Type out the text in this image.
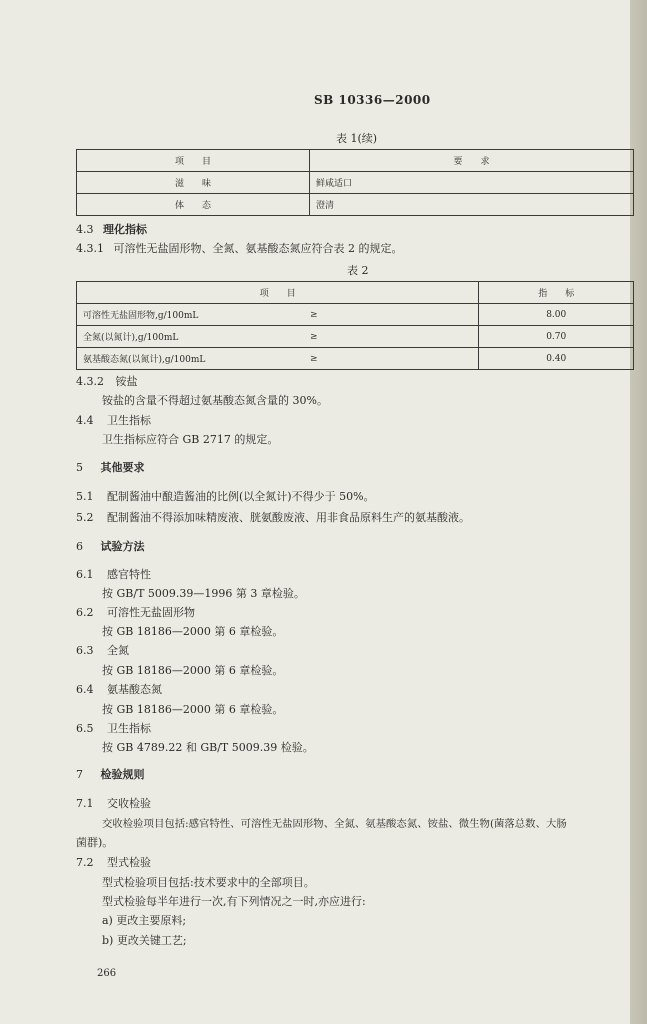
SB 10336—2000
表 1(续)
项　　目	要　　求
滋　　味	鲜咸适口
体　　态	澄清
4.3 理化指标
4.3.1 可溶性无盐固形物、全氮、氨基酸态氮应符合表 2 的规定。
表 2
项　　目		指　　标
可溶性无盐固形物,g/100mL	≥	8.00
全氮(以氮计),g/100mL	≥	0.70
氨基酸态氮(以氮计),g/100mL	≥	0.40
4.3.2 铵盐
铵盐的含量不得超过氨基酸态氮含量的 30%。
4.4 卫生指标
卫生指标应符合 GB 2717 的规定。
5 其他要求
5.1 配制酱油中酿造酱油的比例(以全氮计)不得少于 50%。
5.2 配制酱油不得添加味精废液、胱氨酸废液、用非食品原料生产的氨基酸液。
6 试验方法
6.1 感官特性
按 GB/T 5009.39—1996 第 3 章检验。
6.2 可溶性无盐固形物
按 GB 18186—2000 第 6 章检验。
6.3 全氮
按 GB 18186—2000 第 6 章检验。
6.4 氨基酸态氮
按 GB 18186—2000 第 6 章检验。
6.5 卫生指标
按 GB 4789.22 和 GB/T 5009.39 检验。
7 检验规则
7.1 交收检验
交收检验项目包括:感官特性、可溶性无盐固形物、全氮、氨基酸态氮、铵盐、微生物(菌落总数、大肠
菌群)。
7.2 型式检验
型式检验项目包括:技术要求中的全部项目。
型式检验每半年进行一次,有下列情况之一时,亦应进行:
a) 更改主要原料;
b) 更改关键工艺;
266
